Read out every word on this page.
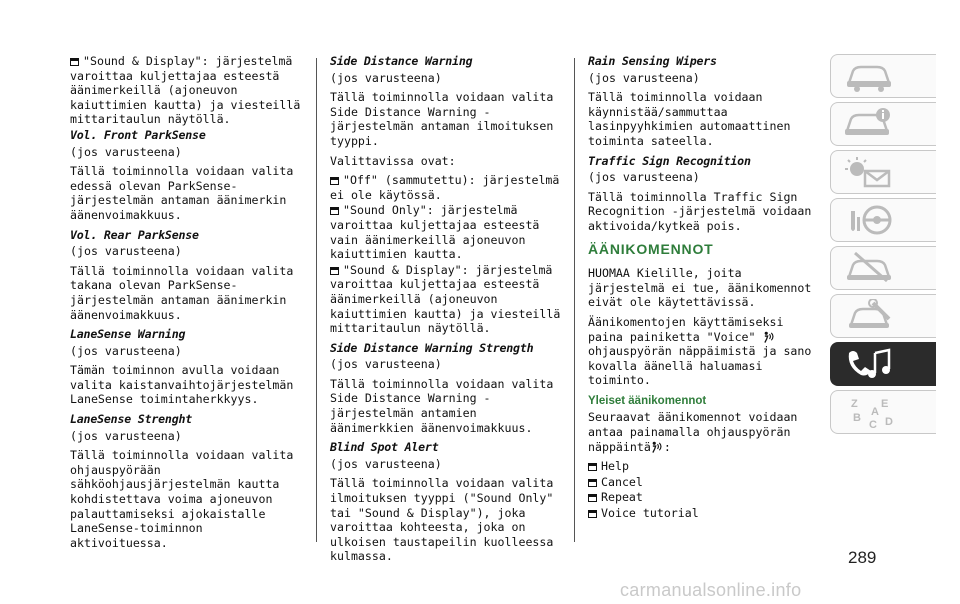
"Sound & Display": järjestelmä varoittaa kuljettajaa esteestä äänimerkeillä (ajoneuvon kaiuttimien kautta) ja viesteillä mittaritaulun näytöllä.
Vol. Front ParkSense
(jos varusteena)
Tällä toiminnolla voidaan valita edessä olevan ParkSense-järjestelmän antaman äänimerkin äänenvoimakkuus.
Vol. Rear ParkSense
(jos varusteena)
Tällä toiminnolla voidaan valita takana olevan ParkSense-järjestelmän antaman äänimerkin äänenvoimakkuus.
LaneSense Warning
(jos varusteena)
Tämän toiminnon avulla voidaan valita kaistanvaihtojärjestelmän LaneSense toimintaherkkyys.
LaneSense Strenght
(jos varusteena)
Tällä toiminnolla voidaan valita ohjauspyörään sähköohjausjärjestelmän kautta kohdistettava voima ajoneuvon palauttamiseksi ajokaistalle LaneSense-toiminnon aktivoituessa.
Side Distance Warning
(jos varusteena)
Tällä toiminnolla voidaan valita Side Distance Warning -järjestelmän antaman ilmoituksen tyyppi.
Valittavissa ovat:
"Off" (sammutettu): järjestelmä ei ole käytössä.
"Sound Only": järjestelmä varoittaa kuljettajaa esteestä vain äänimerkeillä ajoneuvon kaiuttimien kautta.
"Sound & Display": järjestelmä varoittaa kuljettajaa esteestä äänimerkeillä (ajoneuvon kaiuttimien kautta) ja viesteillä mittaritaulun näytöllä.
Side Distance Warning Strength
(jos varusteena)
Tällä toiminnolla voidaan valita Side Distance Warning -järjestelmän antamien äänimerkkien äänenvoimakkuus.
Blind Spot Alert
(jos varusteena)
Tällä toiminnolla voidaan valita ilmoituksen tyyppi ("Sound Only" tai "Sound & Display"), joka varoittaa kohteesta, joka on ulkoisen taustapeilin kuolleessa kulmassa.
Rain Sensing Wipers
(jos varusteena)
Tällä toiminnolla voidaan käynnistää/sammuttaa lasinpyyhkimien automaattinen toiminta sateella.
Traffic Sign Recognition
(jos varusteena)
Tällä toiminnolla Traffic Sign Recognition -järjestelmä voidaan aktivoida/kytkeä pois.
ÄÄNIKOMENNOT
HUOMAA Kielille, joita järjestelmä ei tue, äänikomennot eivät ole käytettävissä.
Äänikomentojen käyttämiseksi paina painiketta "Voice"  ohjauspyörän näppäimistä ja sano kovalla äänellä haluamasi toiminto.
Yleiset äänikomennot
Seuraavat äänikomennot voidaan antaa painamalla ohjauspyörän näppäintä :
Help
Cancel
Repeat
Voice tutorial
Z E
A
B
C D
289
carmanualsonline.info
